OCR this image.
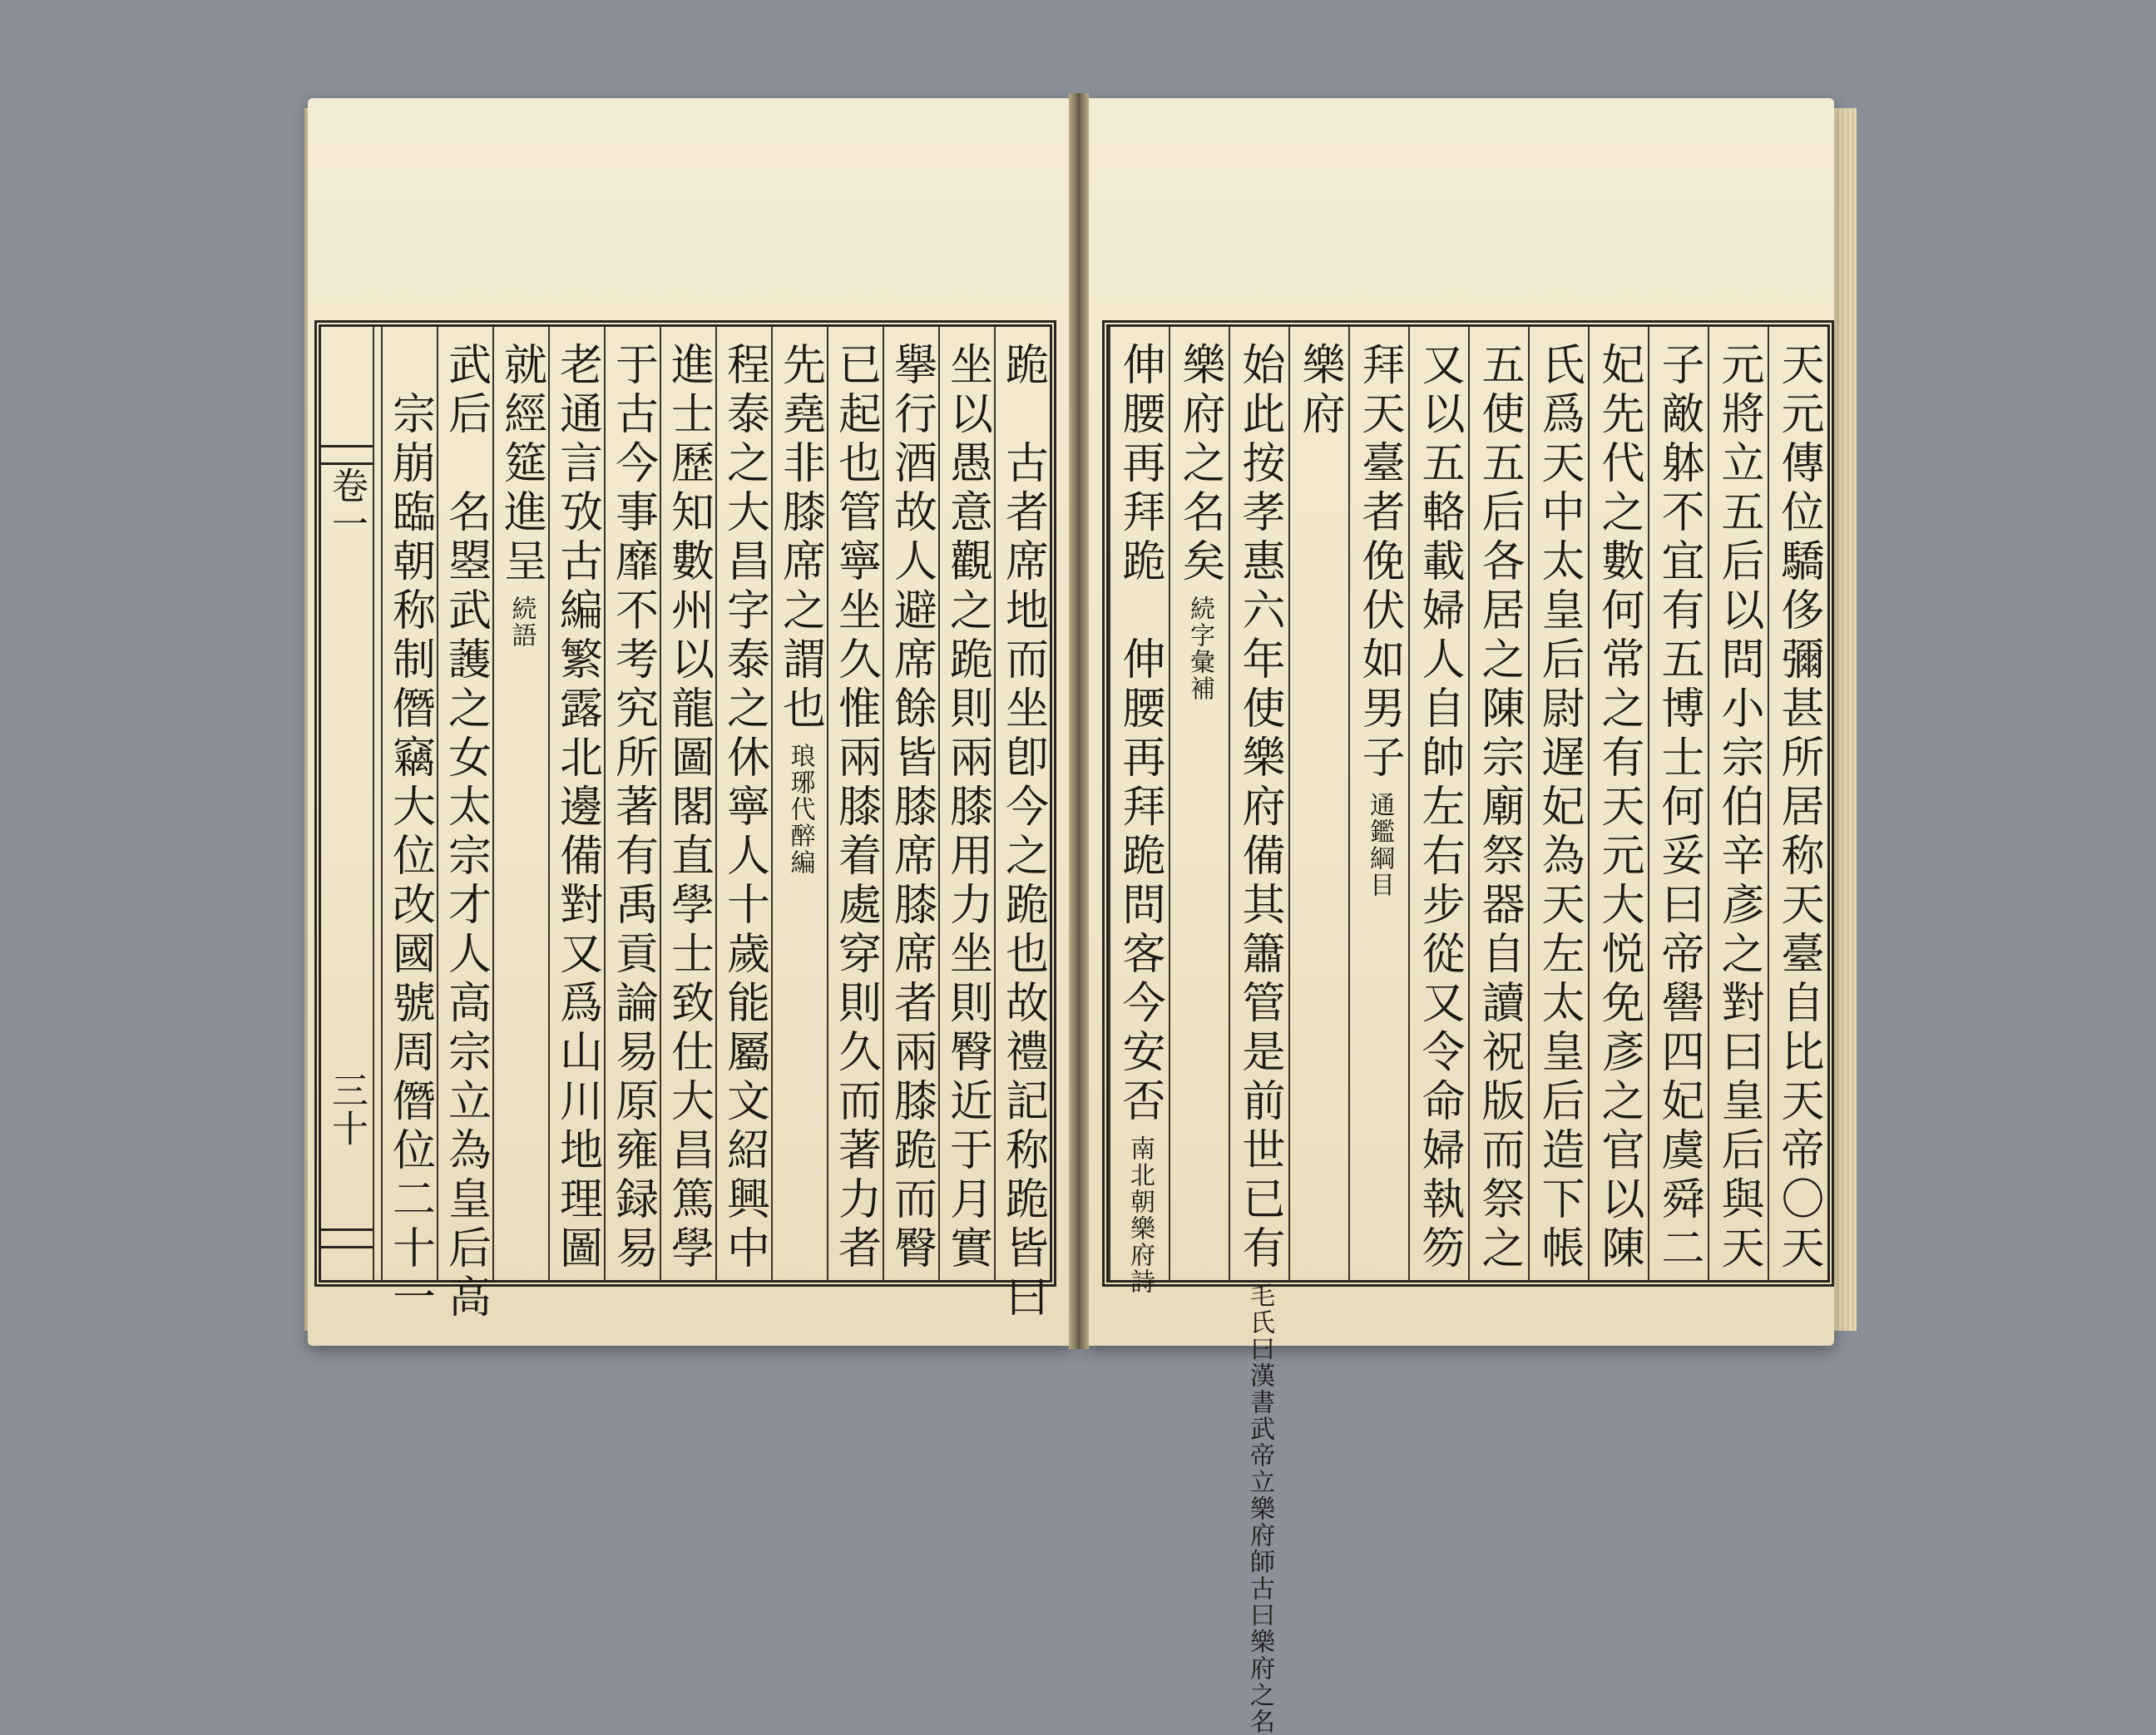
跪　古者席地而坐卽今之跪也故禮記称跪皆曰
坐以愚意觀之跪則兩膝用力坐則臀近于月實
擧行酒故人避席餘皆膝席膝席者兩膝跪而臀
已起也管寧坐久惟兩膝着處穿則久而著力者
先堯非膝席之謂也
琅琊代醉編
程泰之大昌字泰之休寧人十歲能屬文紹興中
進士歷知數州以龍圖閣直學士致仕大昌篤學
于古今事靡不考究所著有禹貢論易原雍録易
老通言攷古編繁露北邊備對又爲山川地理圖
就經筵進呈
続語
武后　名曌武䕶之女太宗才人高宗立為皇后高
　宗崩臨朝称制僭竊大位改國號周僭位二十一
卷一
三十	天元傳位驕侈彌甚所居称天臺自比天帝〇天
元將立五后以問小宗伯辛彥之對曰皇后與天
子敵躰不宜有五博士何妥曰帝嚳四妃虞舜二
妃先代之數何常之有天元大悦免彥之官以陳
氏爲天中太皇后尉遅妃為天左太皇后造下帳
五使五后各居之陳宗廟祭器自讀祝版而祭之
又以五輅載婦人自帥左右步從又令命婦執笏
拜天臺者俛伏如男子
通鑑綱目
樂府
始此按孝惠六年使樂府備其簫管是前世已有
毛氏曰漢書武帝立樂府師古曰樂府之名
樂府之名矣
続字彙補
伸腰再拜跪　伸腰再拜跪問客今安否
南北朝樂府詩
